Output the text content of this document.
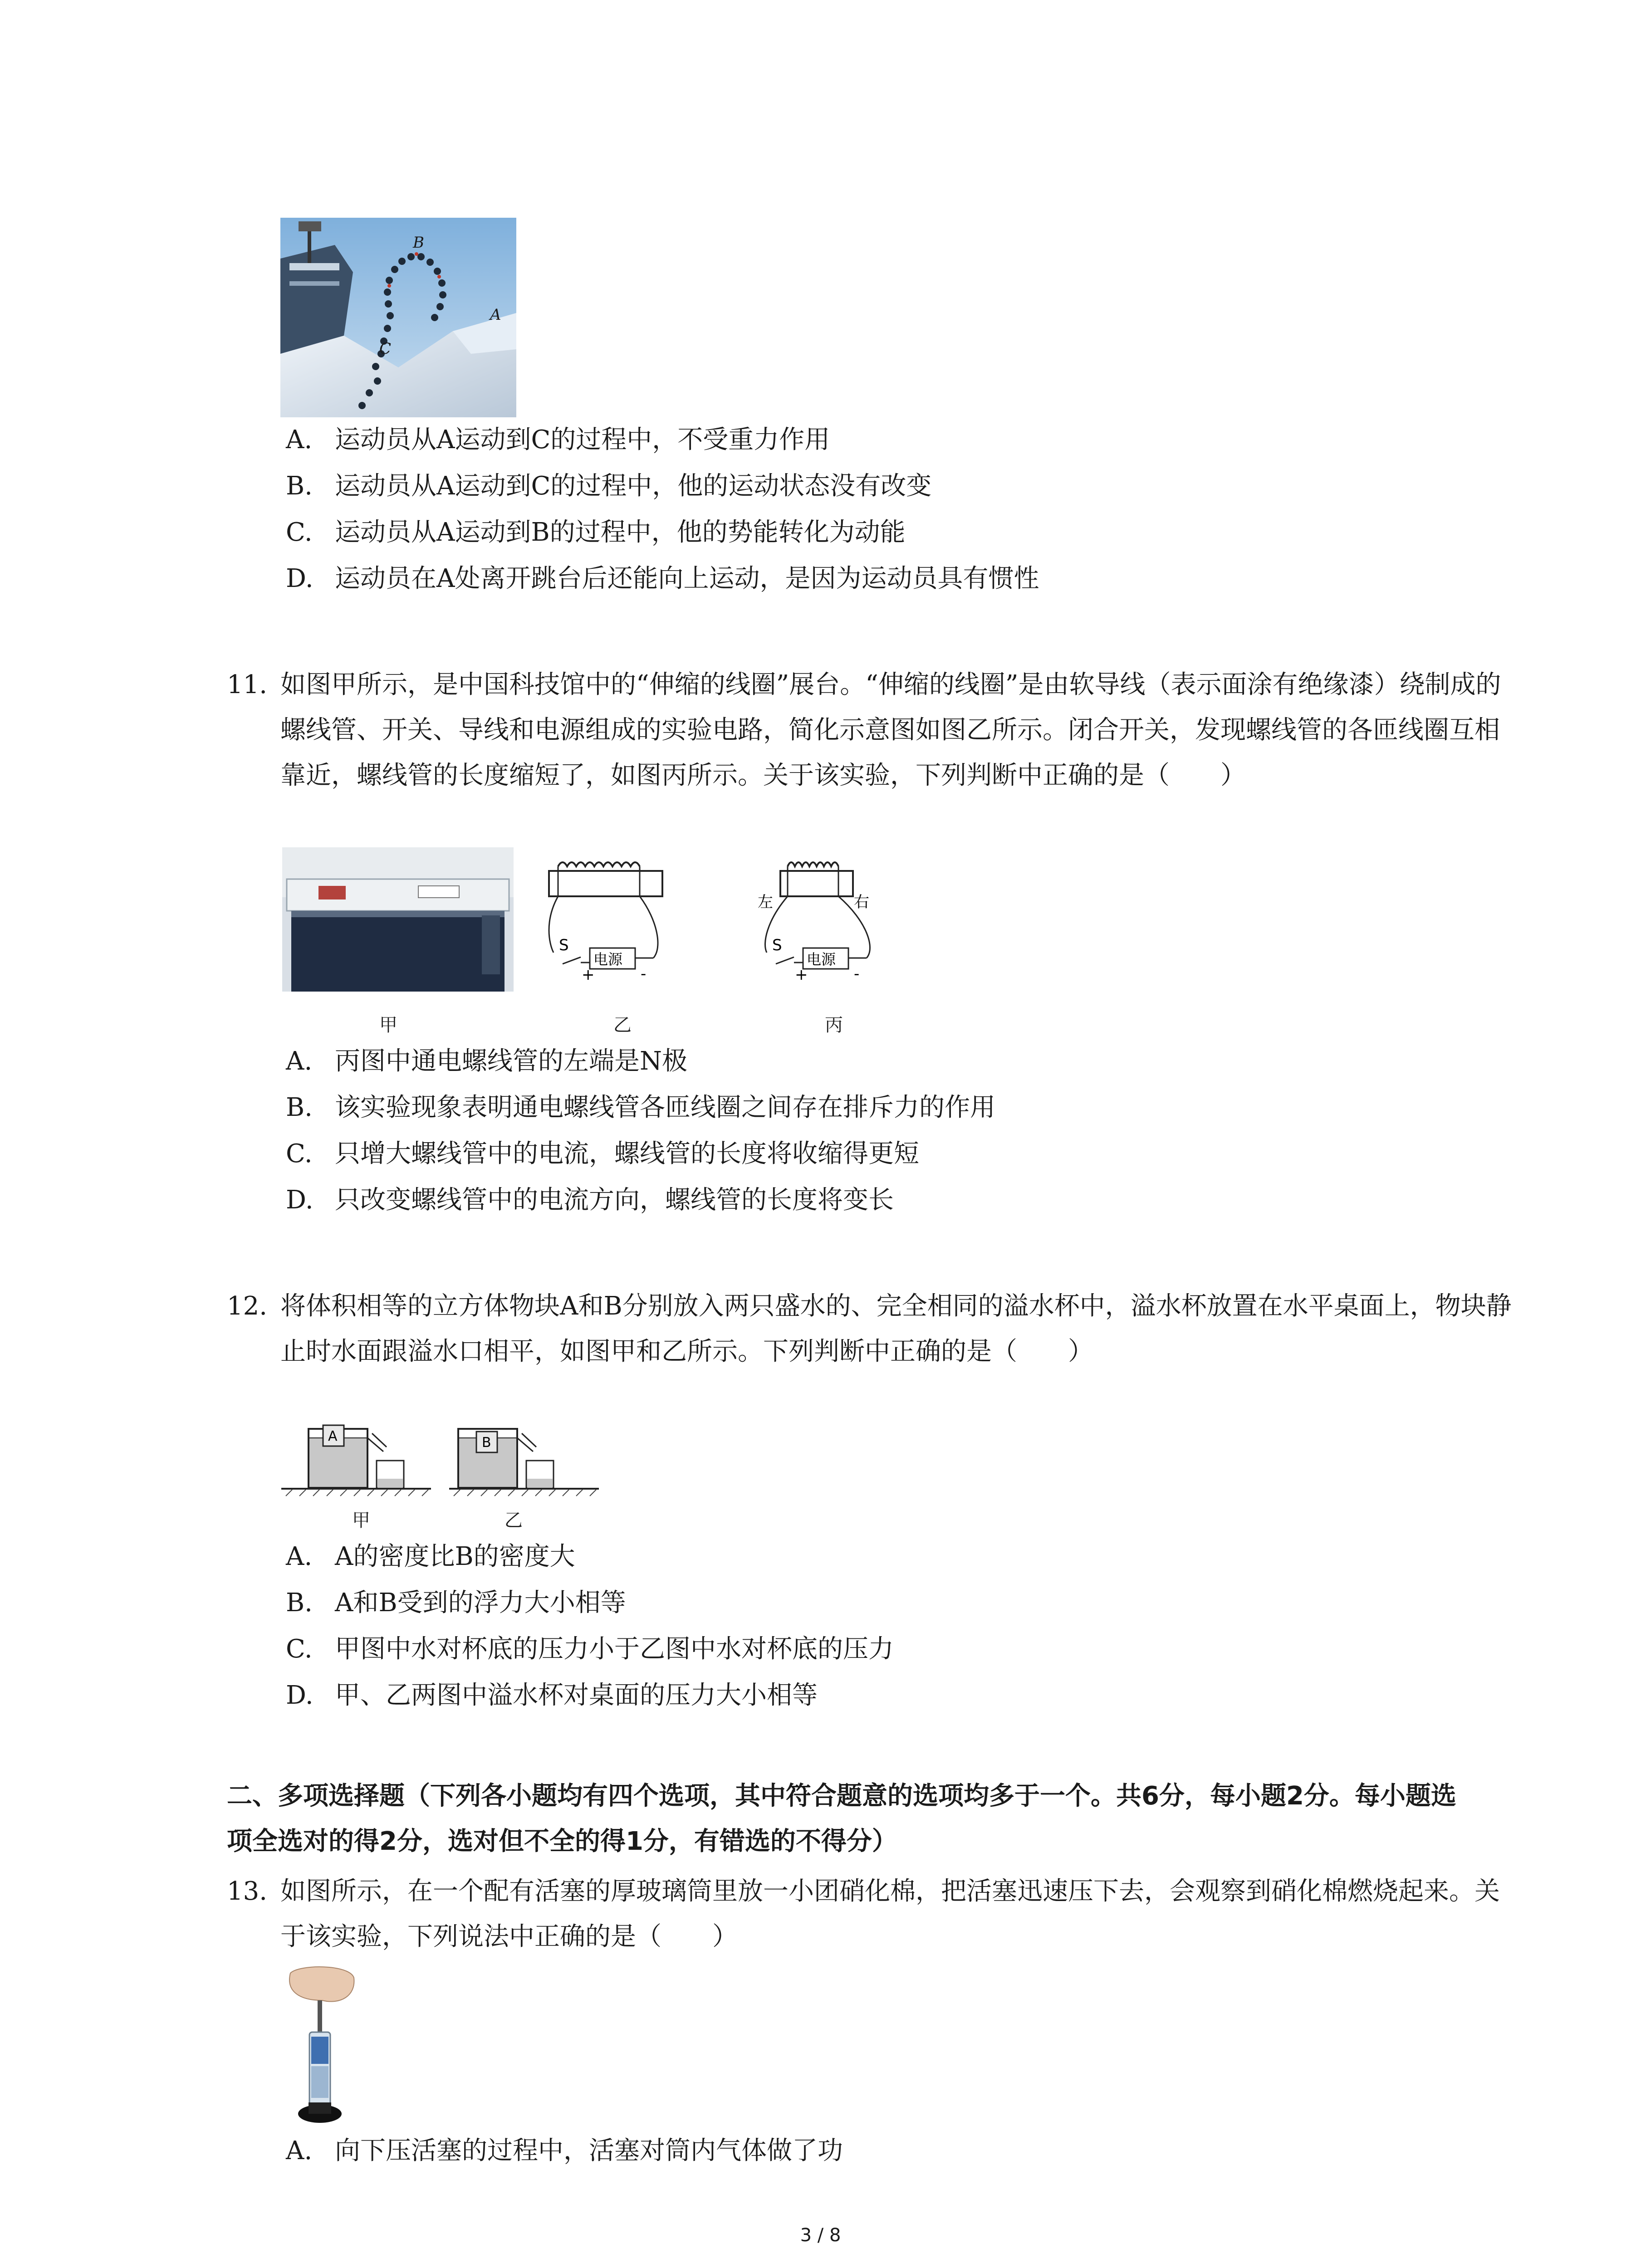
B
A
C
A. 运动员从A运动到C的过程中，不受重力作用
B. 运动员从A运动到C的过程中，他的运动状态没有改变
C. 运动员从A运动到B的过程中，他的势能转化为动能
D. 运动员在A处离开跳台后还能向上运动，是因为运动员具有惯性
11. 如图甲所示，是中国科技馆中的“伸缩的线圈”展台。“伸缩的线圈”是由软导线（表示面涂有绝缘漆）绕制成的螺线管、开关、导线和电源组成的实验电路，简化示意图如图乙所示。闭合开关，发现螺线管的各匝线圈互相靠近，螺线管的长度缩短了，如图丙所示。关于该实验，下列判断中正确的是（　　）
甲
S
电源
+	-
乙
左	右
S
电源
+	-
丙
A. 丙图中通电螺线管的左端是N极
B. 该实验现象表明通电螺线管各匝线圈之间存在排斥力的作用
C. 只增大螺线管中的电流，螺线管的长度将收缩得更短
D. 只改变螺线管中的电流方向，螺线管的长度将变长
12. 将体积相等的立方体物块A和B分别放入两只盛水的、完全相同的溢水杯中，溢水杯放置在水平桌面上，物块静止时水面跟溢水口相平，如图甲和乙所示。下列判断中正确的是（　　）
A
甲
B
乙
A. A的密度比B的密度大
B. A和B受到的浮力大小相等
C. 甲图中水对杯底的压力小于乙图中水对杯底的压力
D. 甲、乙两图中溢水杯对桌面的压力大小相等
二、多项选择题（下列各小题均有四个选项，其中符合题意的选项均多于一个。共6分，每小题2分。每小题选项全选对的得2分，选对但不全的得1分，有错选的不得分）
13. 如图所示，在一个配有活塞的厚玻璃筒里放一小团硝化棉，把活塞迅速压下去，会观察到硝化棉燃烧起来。关于该实验，下列说法中正确的是（　　）
A. 向下压活塞的过程中，活塞对筒内气体做了功
3 / 8
